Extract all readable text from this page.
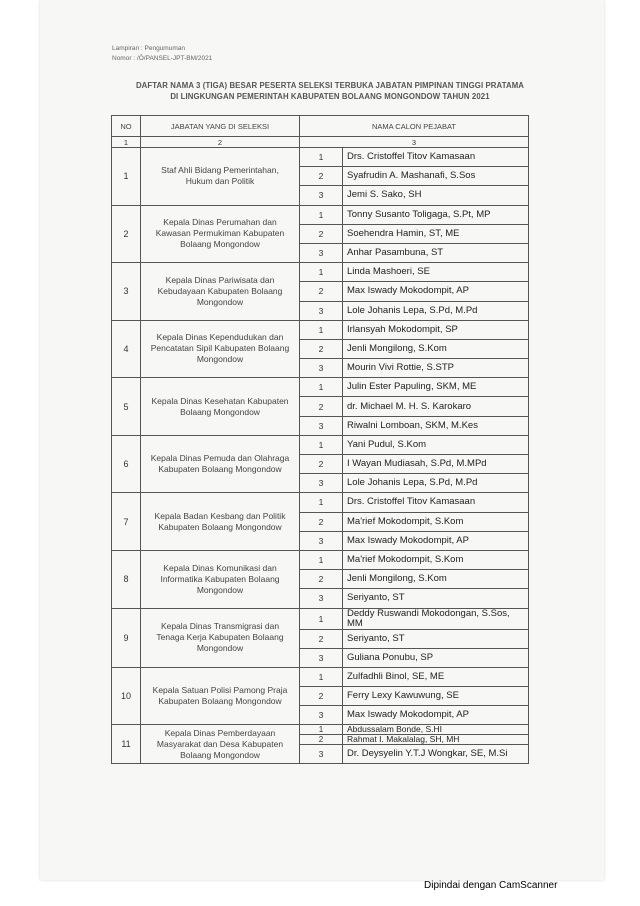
Lampiran : Pengumuman
Nomor : /Ô/PANSEL-JPT-BM/2021
DAFTAR NAMA 3 (TIGA) BESAR PESERTA SELEKSI TERBUKA JABATAN PIMPINAN TINGGI PRATAMA
DI LINGKUNGAN PEMERINTAH KABUPATEN BOLAANG MONGONDOW TAHUN 2021
NO	JABATAN YANG DI SELEKSI	NAMA CALON PEJABAT	
1	2	3	
1	Staf Ahli Bidang Pemerintahan, Hukum dan Politik	1	Drs. Cristoffel Titov Kamasaan
		2	Syafrudin A. Mashanafi, S.Sos
		3	Jemi S. Sako, SH
2	Kepala Dinas Perumahan dan Kawasan Permukiman Kabupaten Bolaang Mongondow	1	Tonny Susanto Toligaga, S.Pt, MP
		2	Soehendra Hamin, ST, ME
		3	Anhar Pasambuna, ST
3	Kepala Dinas Pariwisata dan Kebudayaan Kabupaten Bolaang Mongondow	1	Linda Mashoeri, SE
		2	Max Iswady Mokodompit, AP
		3	Lole Johanis Lepa, S.Pd, M.Pd
4	Kepala Dinas Kependudukan dan Pencatatan Sipil Kabupaten Bolaang Mongondow	1	Irlansyah Mokodompit, SP
		2	Jenli Mongilong, S.Kom
		3	Mourin Vivi Rottie, S.STP
5	Kepala Dinas Kesehatan Kabupaten Bolaang Mongondow	1	Julin Ester Papuling, SKM, ME
		2	dr. Michael M. H. S. Karokaro
		3	Riwalni Lomboan, SKM, M.Kes
6	Kepala Dinas Pemuda dan Olahraga Kabupaten Bolaang Mongondow	1	Yani Pudul, S.Kom
		2	I Wayan Mudiasah, S.Pd, M.MPd
		3	Lole Johanis Lepa, S.Pd, M.Pd
7	Kepala Badan Kesbang dan Politik Kabupaten Bolaang Mongondow	1	Drs. Cristoffel Titov Kamasaan
		2	Ma'rief Mokodompit, S.Kom
		3	Max Iswady Mokodompit, AP
8	Kepala Dinas Komunikasi dan Informatika Kabupaten Bolaang Mongondow	1	Ma'rief Mokodompit, S.Kom
		2	Jenli Mongilong, S.Kom
		3	Seriyanto, ST
9	Kepala Dinas Transmigrasi dan Tenaga Kerja Kabupaten Bolaang Mongondow	1	Deddy Ruswandi Mokodongan, S.Sos, MM
		2	Seriyanto, ST
		3	Guliana Ponubu, SP
10	Kepala Satuan Polisi Pamong Praja Kabupaten Bolaang Mongondow	1	Zulfadhli Binol, SE, ME
		2	Ferry Lexy Kawuwung, SE
		3	Max Iswady Mokodompit, AP
11	Kepala Dinas Pemberdayaan Masyarakat dan Desa Kabupaten Bolaang Mongondow	1	Abdussalam Bonde, S.HI
		2	Rahmat I. Makalalag, SH, MH
		3	Dr. Deysyelin Y.T.J Wongkar, SE, M.Si
Dipindai dengan CamScanner
